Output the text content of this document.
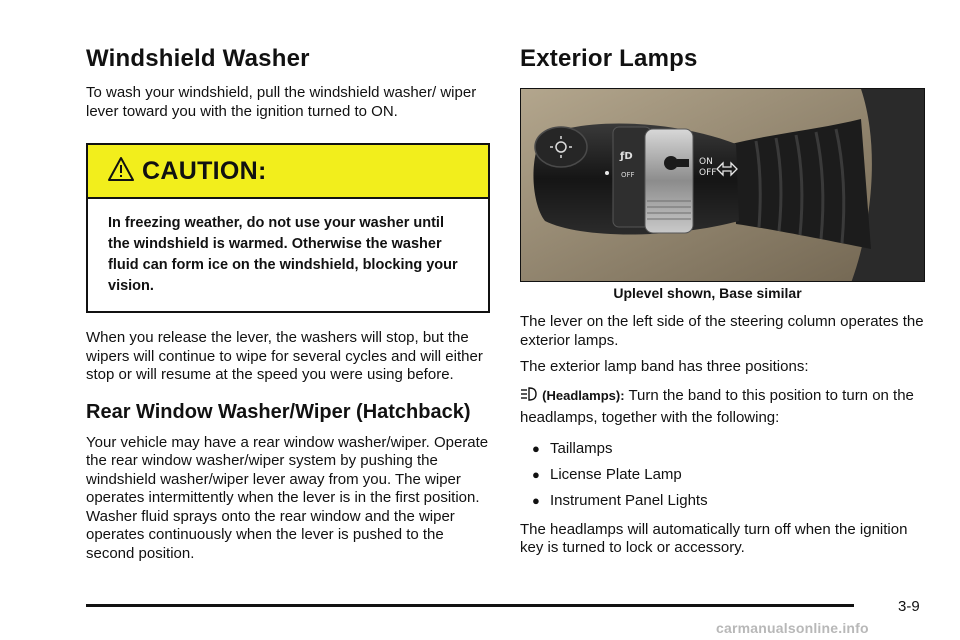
Windshield Washer

To wash your windshield, pull the windshield washer/ wiper lever toward you with the ignition turned to ON.

CAUTION:
In freezing weather, do not use your washer until the windshield is warmed. Otherwise the washer fluid can form ice on the windshield, blocking your vision.

When you release the lever, the washers will stop, but the wipers will continue to wipe for several cycles and will either stop or will resume at the speed you were using before.

Rear Window Washer/Wiper (Hatchback)

Your vehicle may have a rear window washer/wiper. Operate the rear window washer/wiper system by pushing the windshield washer/wiper lever away from you. The wiper operates intermittently when the lever is in the first position. Washer fluid sprays onto the rear window and the wiper operates continuously when the lever is pushed to the second position.

Exterior Lamps
ƒD	ON
OFF
OFF
Uplevel shown, Base similar

The lever on the left side of the steering column operates the exterior lamps.

The exterior lamp band has three positions:

(Headlamps): Turn the band to this position to turn on the headlamps, together with the following:

● Taillamps
● License Plate Lamp
● Instrument Panel Lights

The headlamps will automatically turn off when the ignition key is turned to lock or accessory.

3-9
carmanualsonline.info
